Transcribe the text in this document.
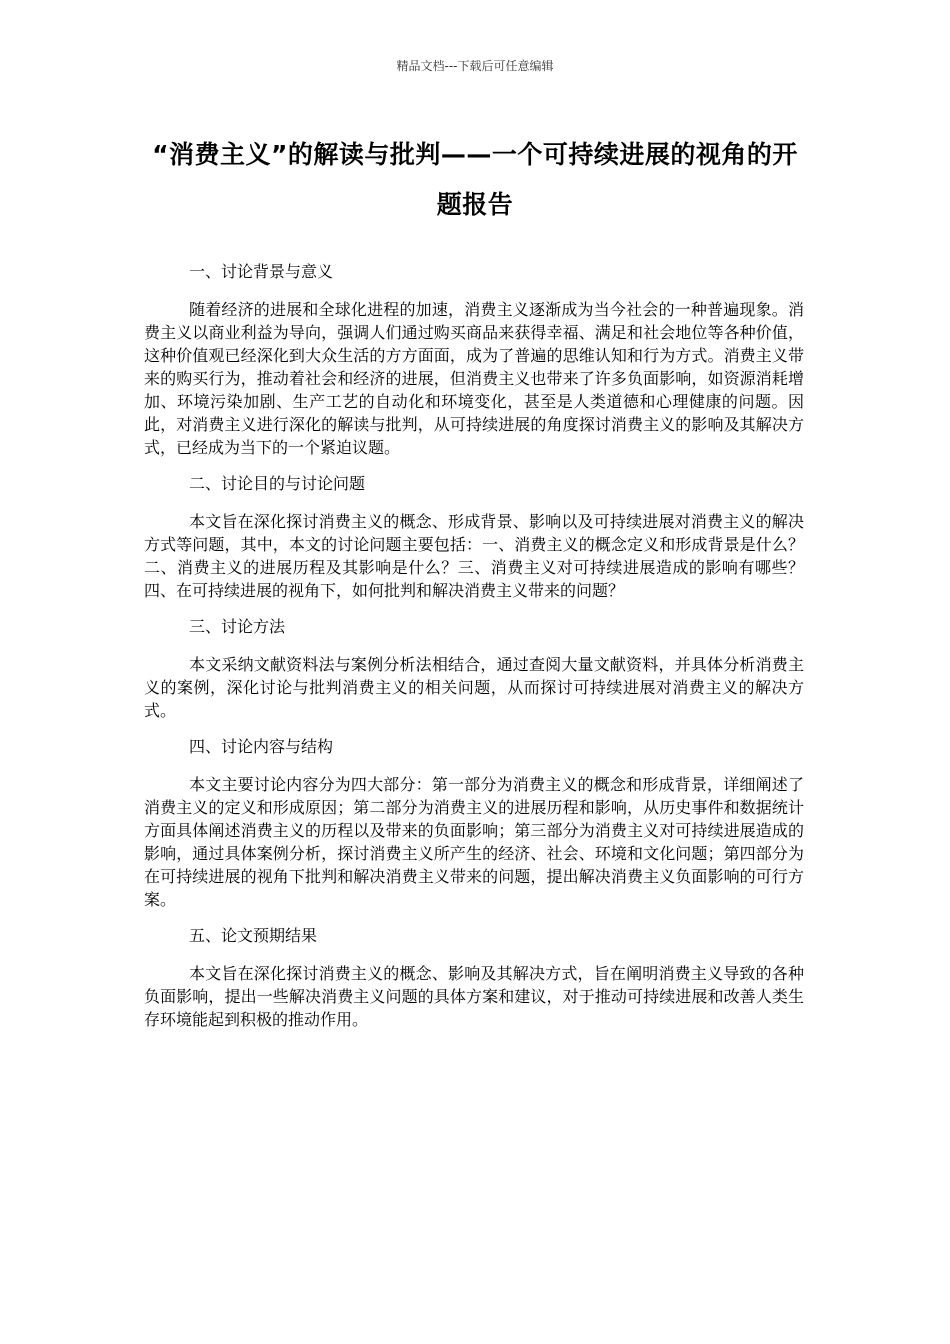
精品文档---下载后可任意编辑
“消费主义”的解读与批判——一个可持续进展的视角的开题报告

一、讨论背景与意义

随着经济的进展和全球化进程的加速，消费主义逐渐成为当今社会的一种普遍现象。消费主义以商业利益为导向，强调人们通过购买商品来获得幸福、满足和社会地位等各种价值，这种价值观已经深化到大众生活的方方面面，成为了普遍的思维认知和行为方式。消费主义带来的购买行为，推动着社会和经济的进展，但消费主义也带来了许多负面影响，如资源消耗增加、环境污染加剧、生产工艺的自动化和环境变化，甚至是人类道德和心理健康的问题。因此，对消费主义进行深化的解读与批判，从可持续进展的角度探讨消费主义的影响及其解决方式，已经成为当下的一个紧迫议题。

二、讨论目的与讨论问题

本文旨在深化探讨消费主义的概念、形成背景、影响以及可持续进展对消费主义的解决方式等问题，其中，本文的讨论问题主要包括：一、消费主义的概念定义和形成背景是什么？二、消费主义的进展历程及其影响是什么？三、消费主义对可持续进展造成的影响有哪些？四、在可持续进展的视角下，如何批判和解决消费主义带来的问题？

三、讨论方法

本文采纳文献资料法与案例分析法相结合，通过查阅大量文献资料，并具体分析消费主义的案例，深化讨论与批判消费主义的相关问题，从而探讨可持续进展对消费主义的解决方式。

四、讨论内容与结构

本文主要讨论内容分为四大部分：第一部分为消费主义的概念和形成背景，详细阐述了消费主义的定义和形成原因；第二部分为消费主义的进展历程和影响，从历史事件和数据统计方面具体阐述消费主义的历程以及带来的负面影响；第三部分为消费主义对可持续进展造成的影响，通过具体案例分析，探讨消费主义所产生的经济、社会、环境和文化问题；第四部分为在可持续进展的视角下批判和解决消费主义带来的问题，提出解决消费主义负面影响的可行方案。

五、论文预期结果

本文旨在深化探讨消费主义的概念、影响及其解决方式，旨在阐明消费主义导致的各种负面影响，提出一些解决消费主义问题的具体方案和建议，对于推动可持续进展和改善人类生存环境能起到积极的推动作用。
